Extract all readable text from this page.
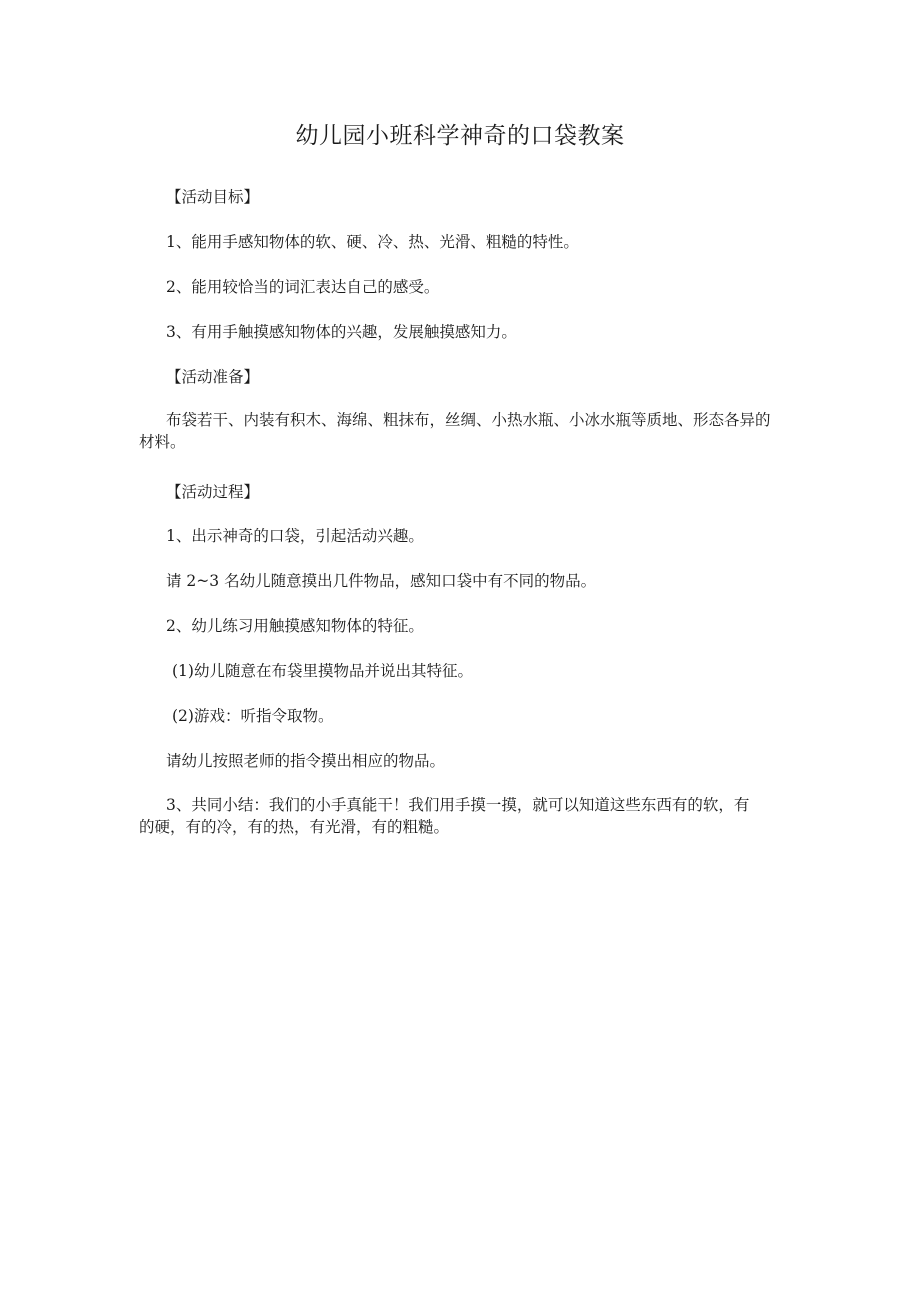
幼儿园小班科学神奇的口袋教案
【活动目标】
1、能用手感知物体的软、硬、冷、热、光滑、粗糙的特性。
2、能用较恰当的词汇表达自己的感受。
3、有用手触摸感知物体的兴趣，发展触摸感知力。
【活动准备】
布袋若干、内装有积木、海绵、粗抹布，丝绸、小热水瓶、小冰水瓶等质地、形态各异的材料。
【活动过程】
1、出示神奇的口袋，引起活动兴趣。
请 2~3 名幼儿随意摸出几件物品，感知口袋中有不同的物品。
2、幼儿练习用触摸感知物体的特征。
(1)幼儿随意在布袋里摸物品并说出其特征。
(2)游戏：听指令取物。
请幼儿按照老师的指令摸出相应的物品。
3、共同小结：我们的小手真能干！我们用手摸一摸，就可以知道这些东西有的软，有的硬，有的冷，有的热，有光滑，有的粗糙。
